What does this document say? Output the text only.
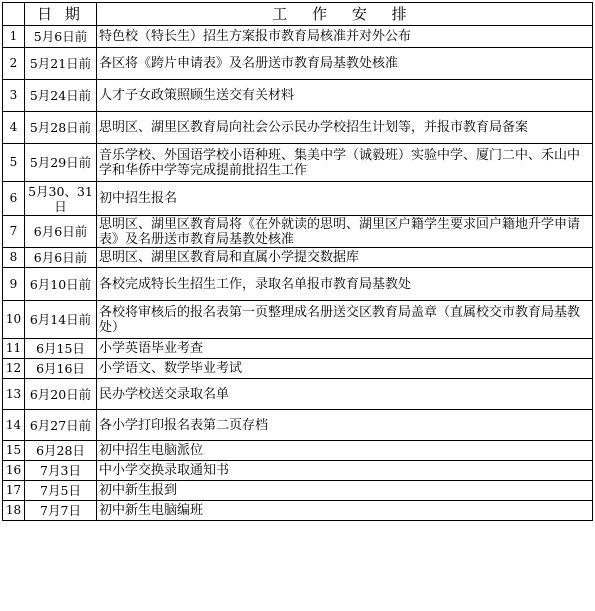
	日 期	工 作 安 排
1	5月6日前	特色校（特长生）招生方案报市教育局核准并对外公布
2	5月21日前	各区将《跨片申请表》及名册送市教育局基教处核准
3	5月24日前	人才子女政策照顾生送交有关材料
4	5月28日前	思明区、湖里区教育局向社会公示民办学校招生计划等，并报市教育局备案
5	5月29日前	音乐学校、外国语学校小语种班、集美中学（诚毅班）实验中学、厦门二中、禾山中学和华侨中学等完成提前批招生工作
6	5月30、31日	初中招生报名
7	6月6日前	思明区、湖里区教育局将《在外就读的思明、湖里区户籍学生要求回户籍地升学申请表》及名册送市教育局基教处核准
8	6月6日前	思明区、湖里区教育局和直属小学提交数据库
9	6月10日前	各校完成特长生招生工作，录取名单报市教育局基教处
10	6月14日前	各校将审核后的报名表第一页整理成名册送交区教育局盖章（直属校交市教育局基教处）
11	6月15日	小学英语毕业考查
12	6月16日	小学语文、数学毕业考试
13	6月20日前	民办学校送交录取名单
14	6月27日前	各小学打印报名表第二页存档
15	6月28日	初中招生电脑派位
16	7月3日	中小学交换录取通知书
17	7月5日	初中新生报到
18	7月7日	初中新生电脑编班
